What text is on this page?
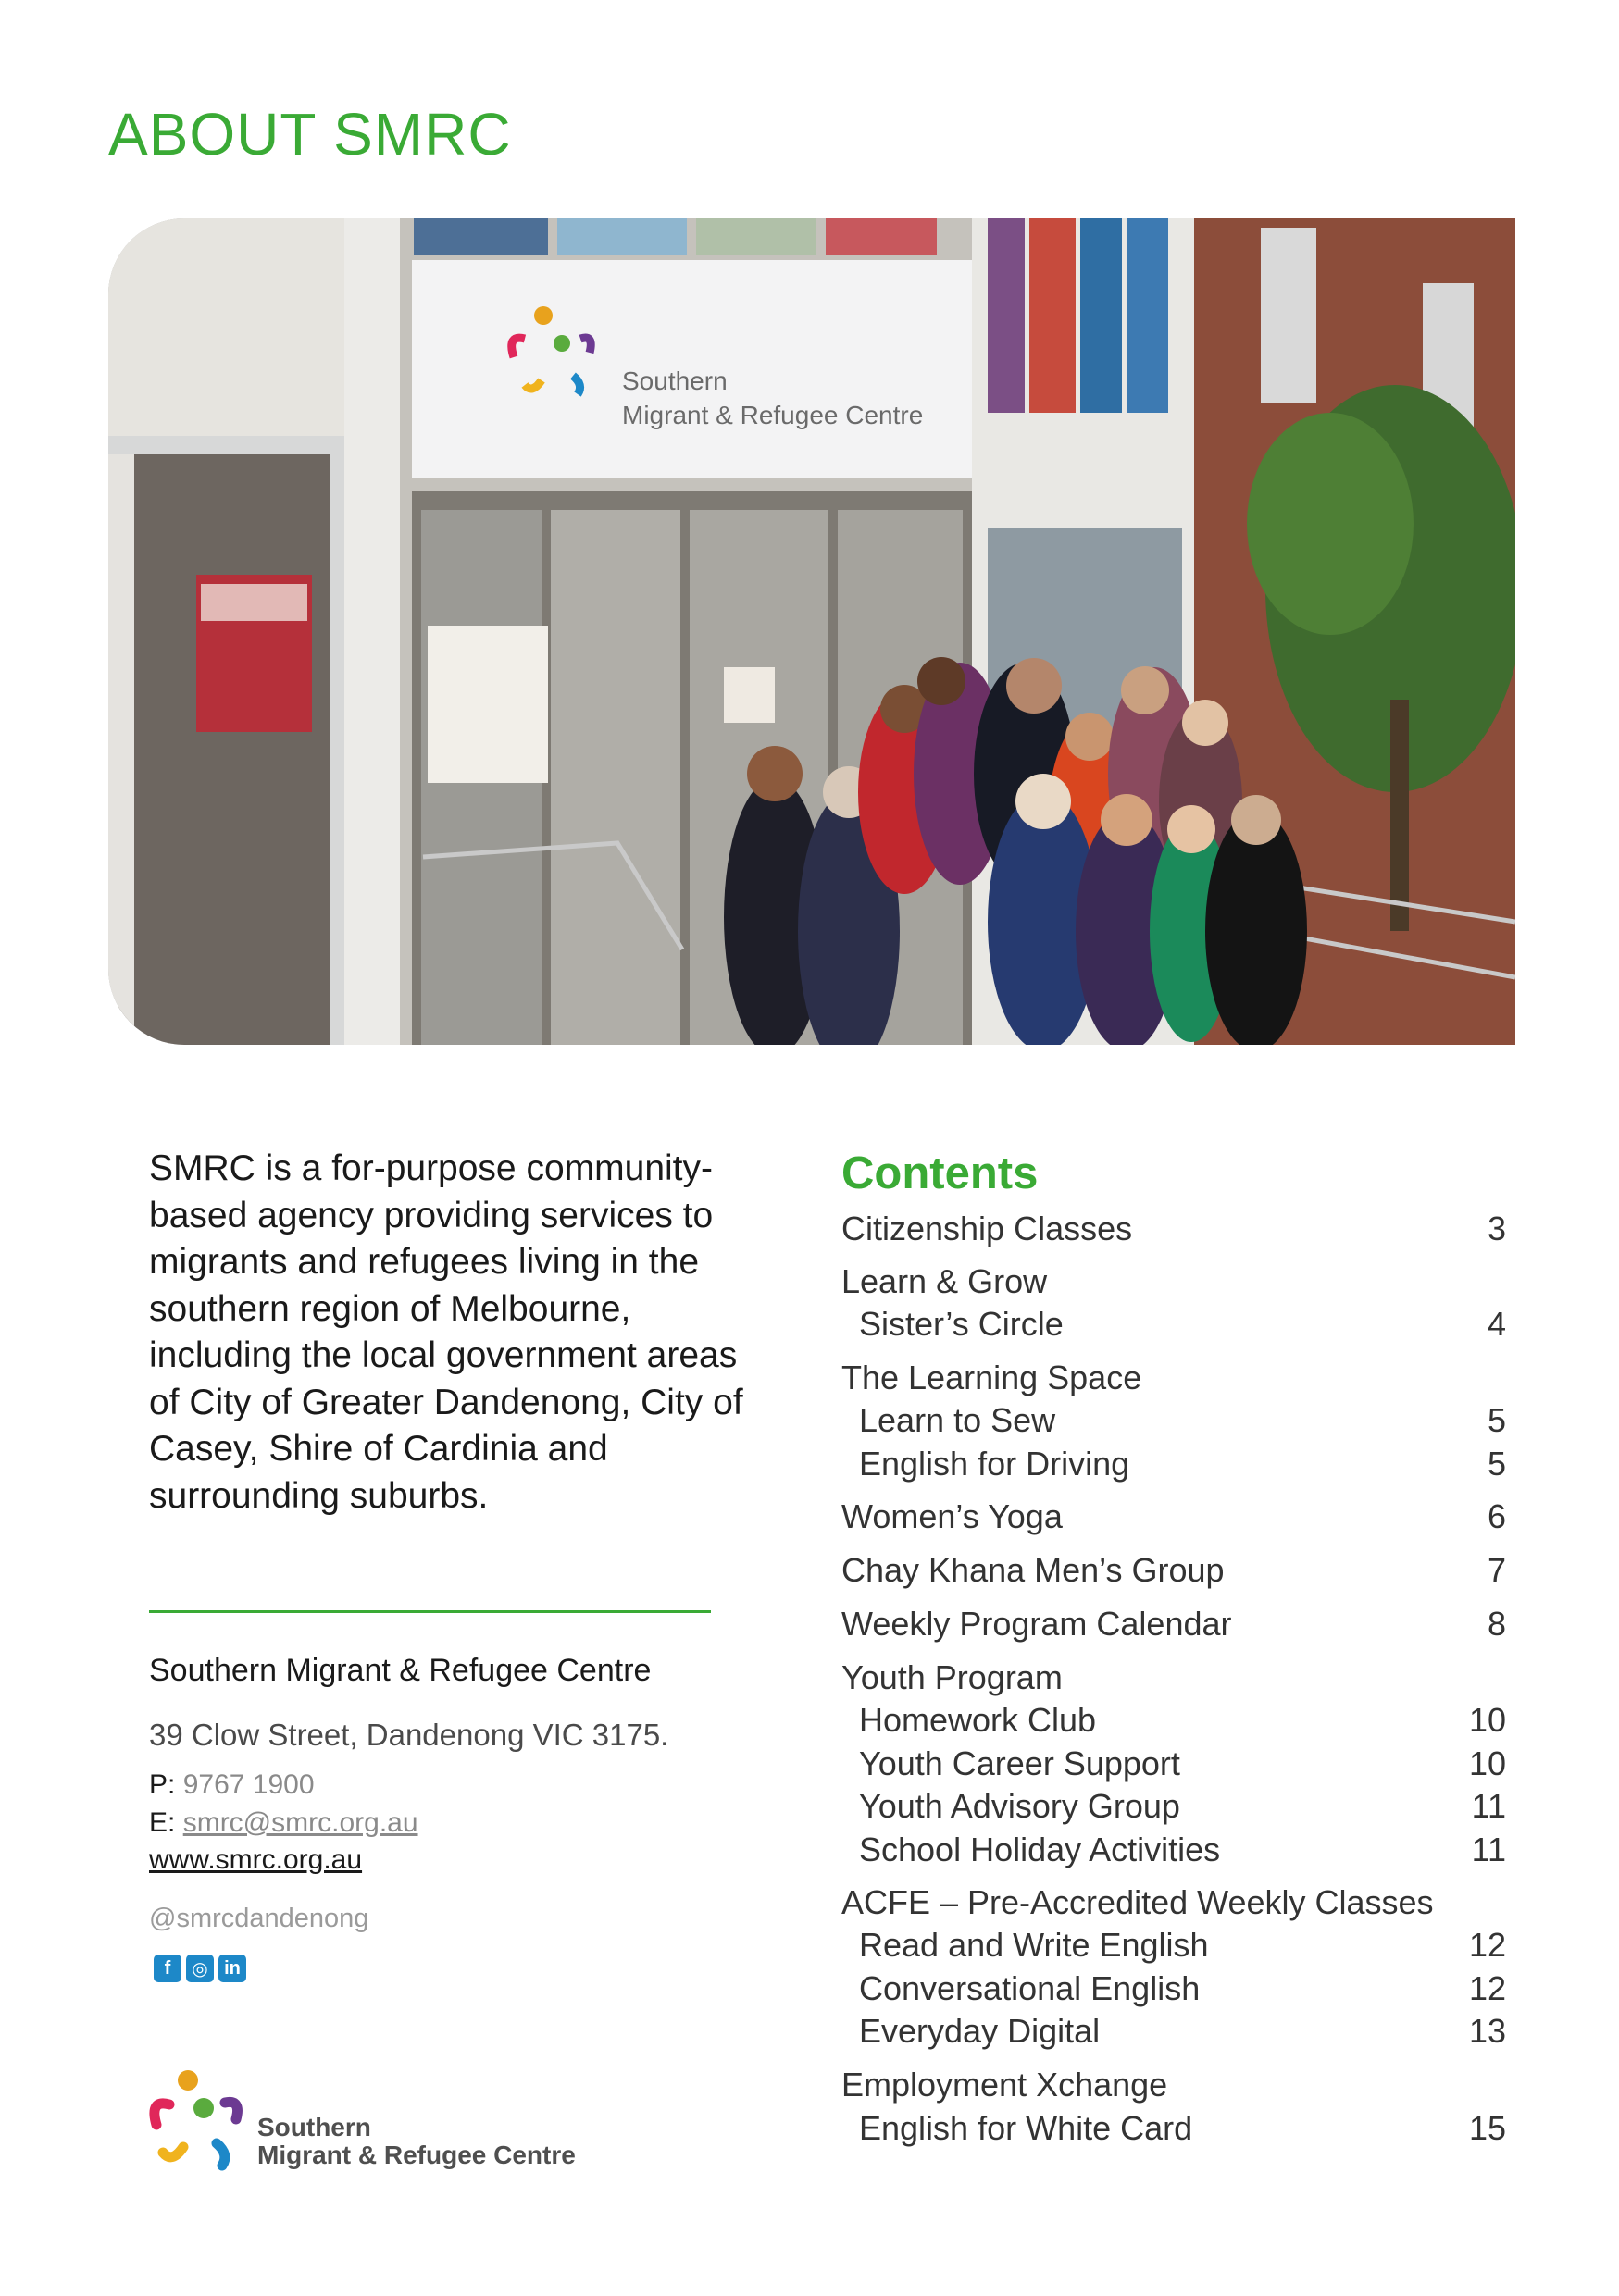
ABOUT SMRC
Southern
Migrant & Refugee Centre

SMRC is a for-purpose community-based agency providing services to migrants and refugees living in the southern region of Melbourne, including the local government areas of City of Greater Dandenong, City of Casey, Shire of Cardinia and surrounding suburbs.

Southern Migrant & Refugee Centre
39 Clow Street, Dandenong VIC 3175.
P: 9767 1900
E: smrc@smrc.org.au
www.smrc.org.au
@smrcdandenong
f	◎ in
Southern
Migrant & Refugee Centre
Contents
Citizenship Classes	3
Learn & Grow
Sister’s Circle	4
The Learning Space
Learn to Sew	5
English for Driving	5
Women’s Yoga	6
Chay Khana Men’s Group	7
Weekly Program Calendar	8
Youth Program
Homework Club	10
Youth Career Support	10
Youth Advisory Group	11
School Holiday Activities	11
ACFE – Pre-Accredited Weekly Classes
Read and Write English	12
Conversational English	12
Everyday Digital	13
Employment Xchange
English for White Card	15
